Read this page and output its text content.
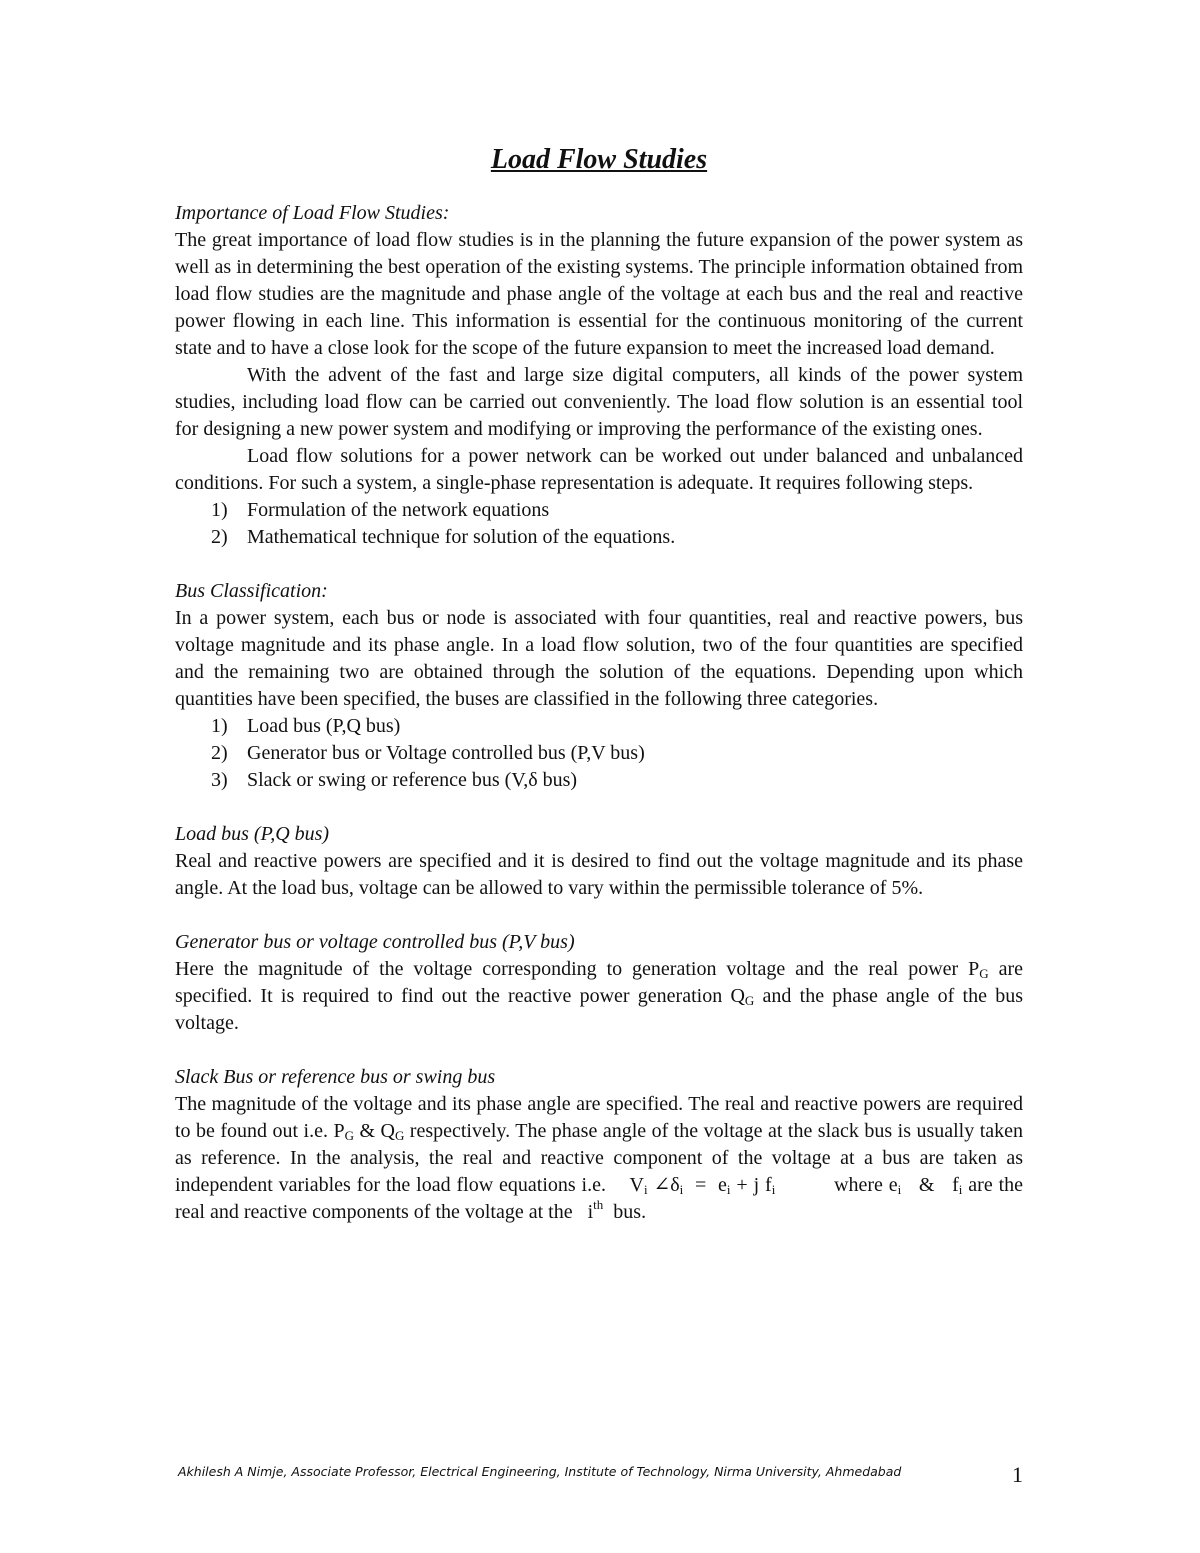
Load Flow Studies

Importance of Load Flow Studies:

The great importance of load flow studies is in the planning the future expansion of the power system as well as in determining the best operation of the existing systems. The principle information obtained from load flow studies are the magnitude and phase angle of the voltage at each bus and the real and reactive power flowing in each line. This information is essential for the continuous monitoring of the current state and to have a close look for the scope of the future expansion to meet the increased load demand.

With the advent of the fast and large size digital computers, all kinds of the power system studies, including load flow can be carried out conveniently. The load flow solution is an essential tool for designing a new power system and modifying or improving the performance of the existing ones.

Load flow solutions for a power network can be worked out under balanced and unbalanced conditions. For such a system, a single-phase representation is adequate. It requires following steps.

1) Formulation of the network equations
2) Mathematical technique for solution of the equations.

Bus Classification:

In a power system, each bus or node is associated with four quantities, real and reactive powers, bus voltage magnitude and its phase angle. In a load flow solution, two of the four quantities are specified and the remaining two are obtained through the solution of the equations. Depending upon which quantities have been specified, the buses are classified in the following three categories.

1) Load bus (P,Q bus)
2) Generator bus or Voltage controlled bus (P,V bus)
3) Slack or swing or reference bus (V,δ bus)

Load bus (P,Q bus)

Real and reactive powers are specified and it is desired to find out the voltage magnitude and its phase angle. At the load bus, voltage can be allowed to vary within the permissible tolerance of 5%.

Generator bus or voltage controlled bus (P,V bus)

Here the magnitude of the voltage corresponding to generation voltage and the real power $P_G$ are specified. It is required to find out the reactive power generation $Q_G$ and the phase angle of the bus voltage.

Slack Bus or reference bus or swing bus

The magnitude of the voltage and its phase angle are specified. The real and reactive powers are required to be found out i.e. $P_G$ & $Q_G$ respectively. The phase angle of the voltage at the slack bus is usually taken as reference. In the analysis, the real and reactive component of the voltage at a bus are taken as independent variables for the load flow equations i.e. $V_i$ $\angle\delta_i = e_i + j$ $f_i$	where $e_i$ & $f_i$ are the real and reactive components of the voltage at the $i^{th}$ bus.

Akhilesh A Nimje, Associate Professor, Electrical Engineering, Institute of Technology, Nirma University, Ahmedabad	1
